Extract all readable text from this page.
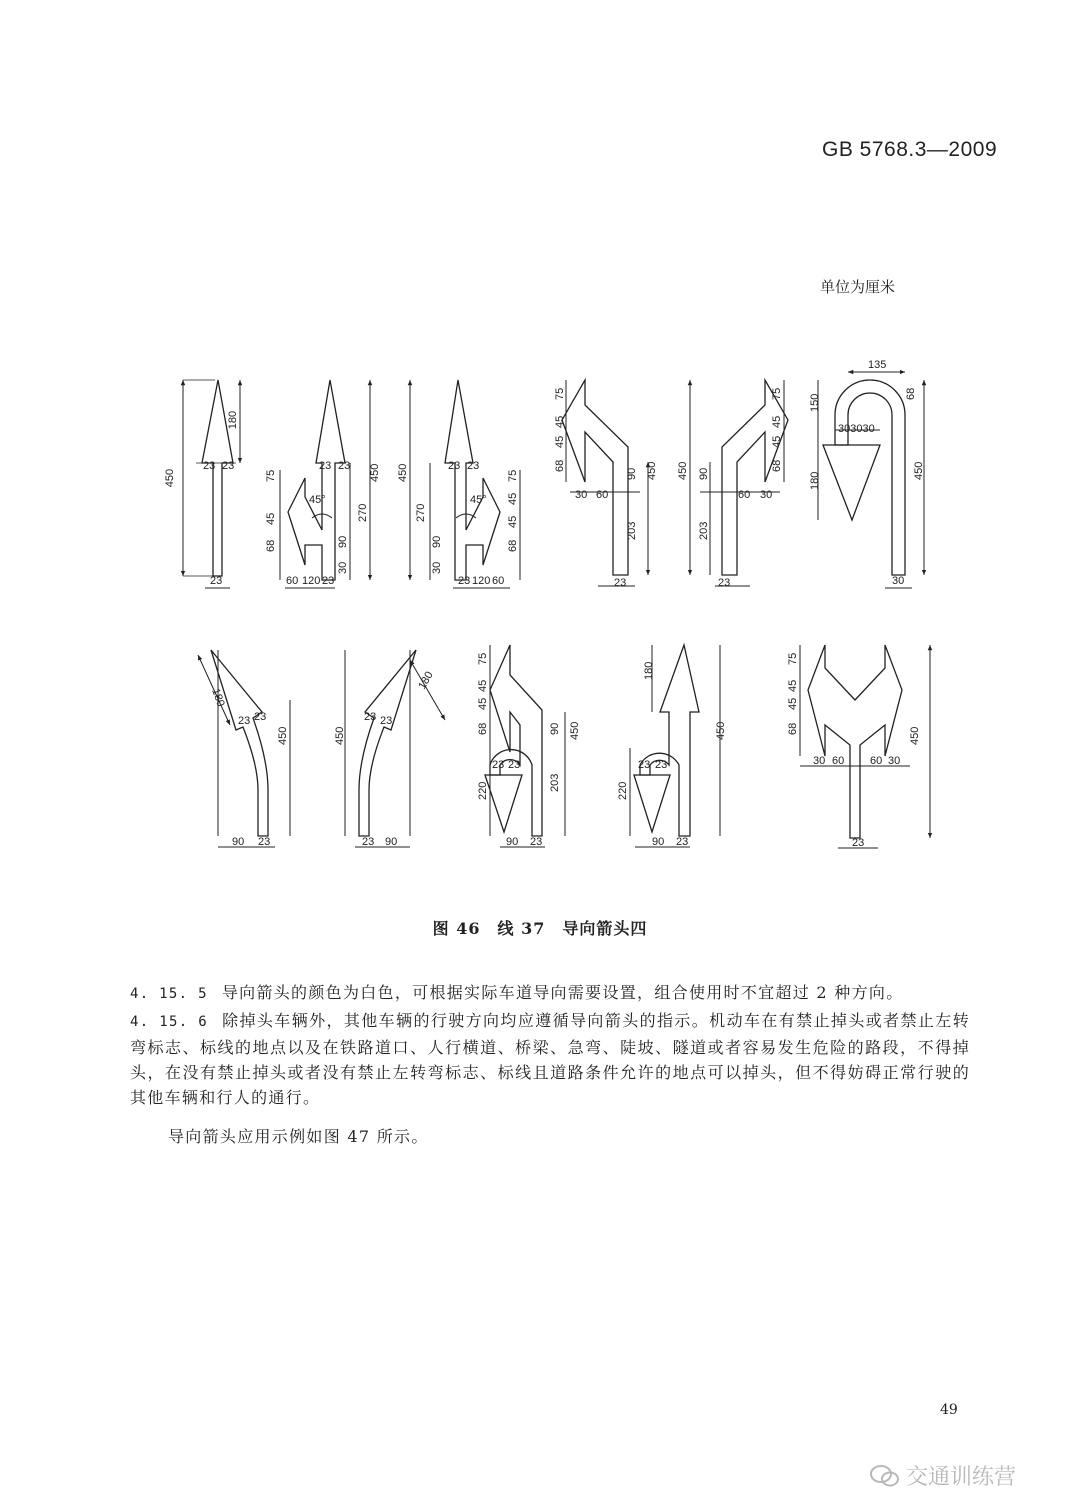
GB 5768.3—2009
单位为厘米
450
180
23 23
23
75
45
68
450
270
90
30
45°
23 23
60 120 23
450
270
90
30
45°
23 23
75
45
45
68
23 120 60
75
45
45
68
30 60
90 450
203
23
450 90
203
60 30
75
45
45
68
23
135
68
150
303030
180
450
30
180
23 23
450
90 23
450
23 23
180
23 90
75
45
45
68	90 450
23 23
220	203
90 23
180
23 23
220
450
90 23
75
45
45
68	450
30 60 60 30
23
图 46　线 37　导向箭头四
4. 15. 5 导向箭头的颜色为白色，可根据实际车道导向需要设置，组合使用时不宜超过 2 种方向。
4. 15. 6 除掉头车辆外，其他车辆的行驶方向均应遵循导向箭头的指示。机动车在有禁止掉头或者禁止左转弯标志、标线的地点以及在铁路道口、人行横道、桥梁、急弯、陡坡、隧道或者容易发生危险的路段，不得掉头，在没有禁止掉头或者没有禁止左转弯标志、标线且道路条件允许的地点可以掉头，但不得妨碍正常行驶的其他车辆和行人的通行。
导向箭头应用示例如图 47 所示。
49
交通训练营
